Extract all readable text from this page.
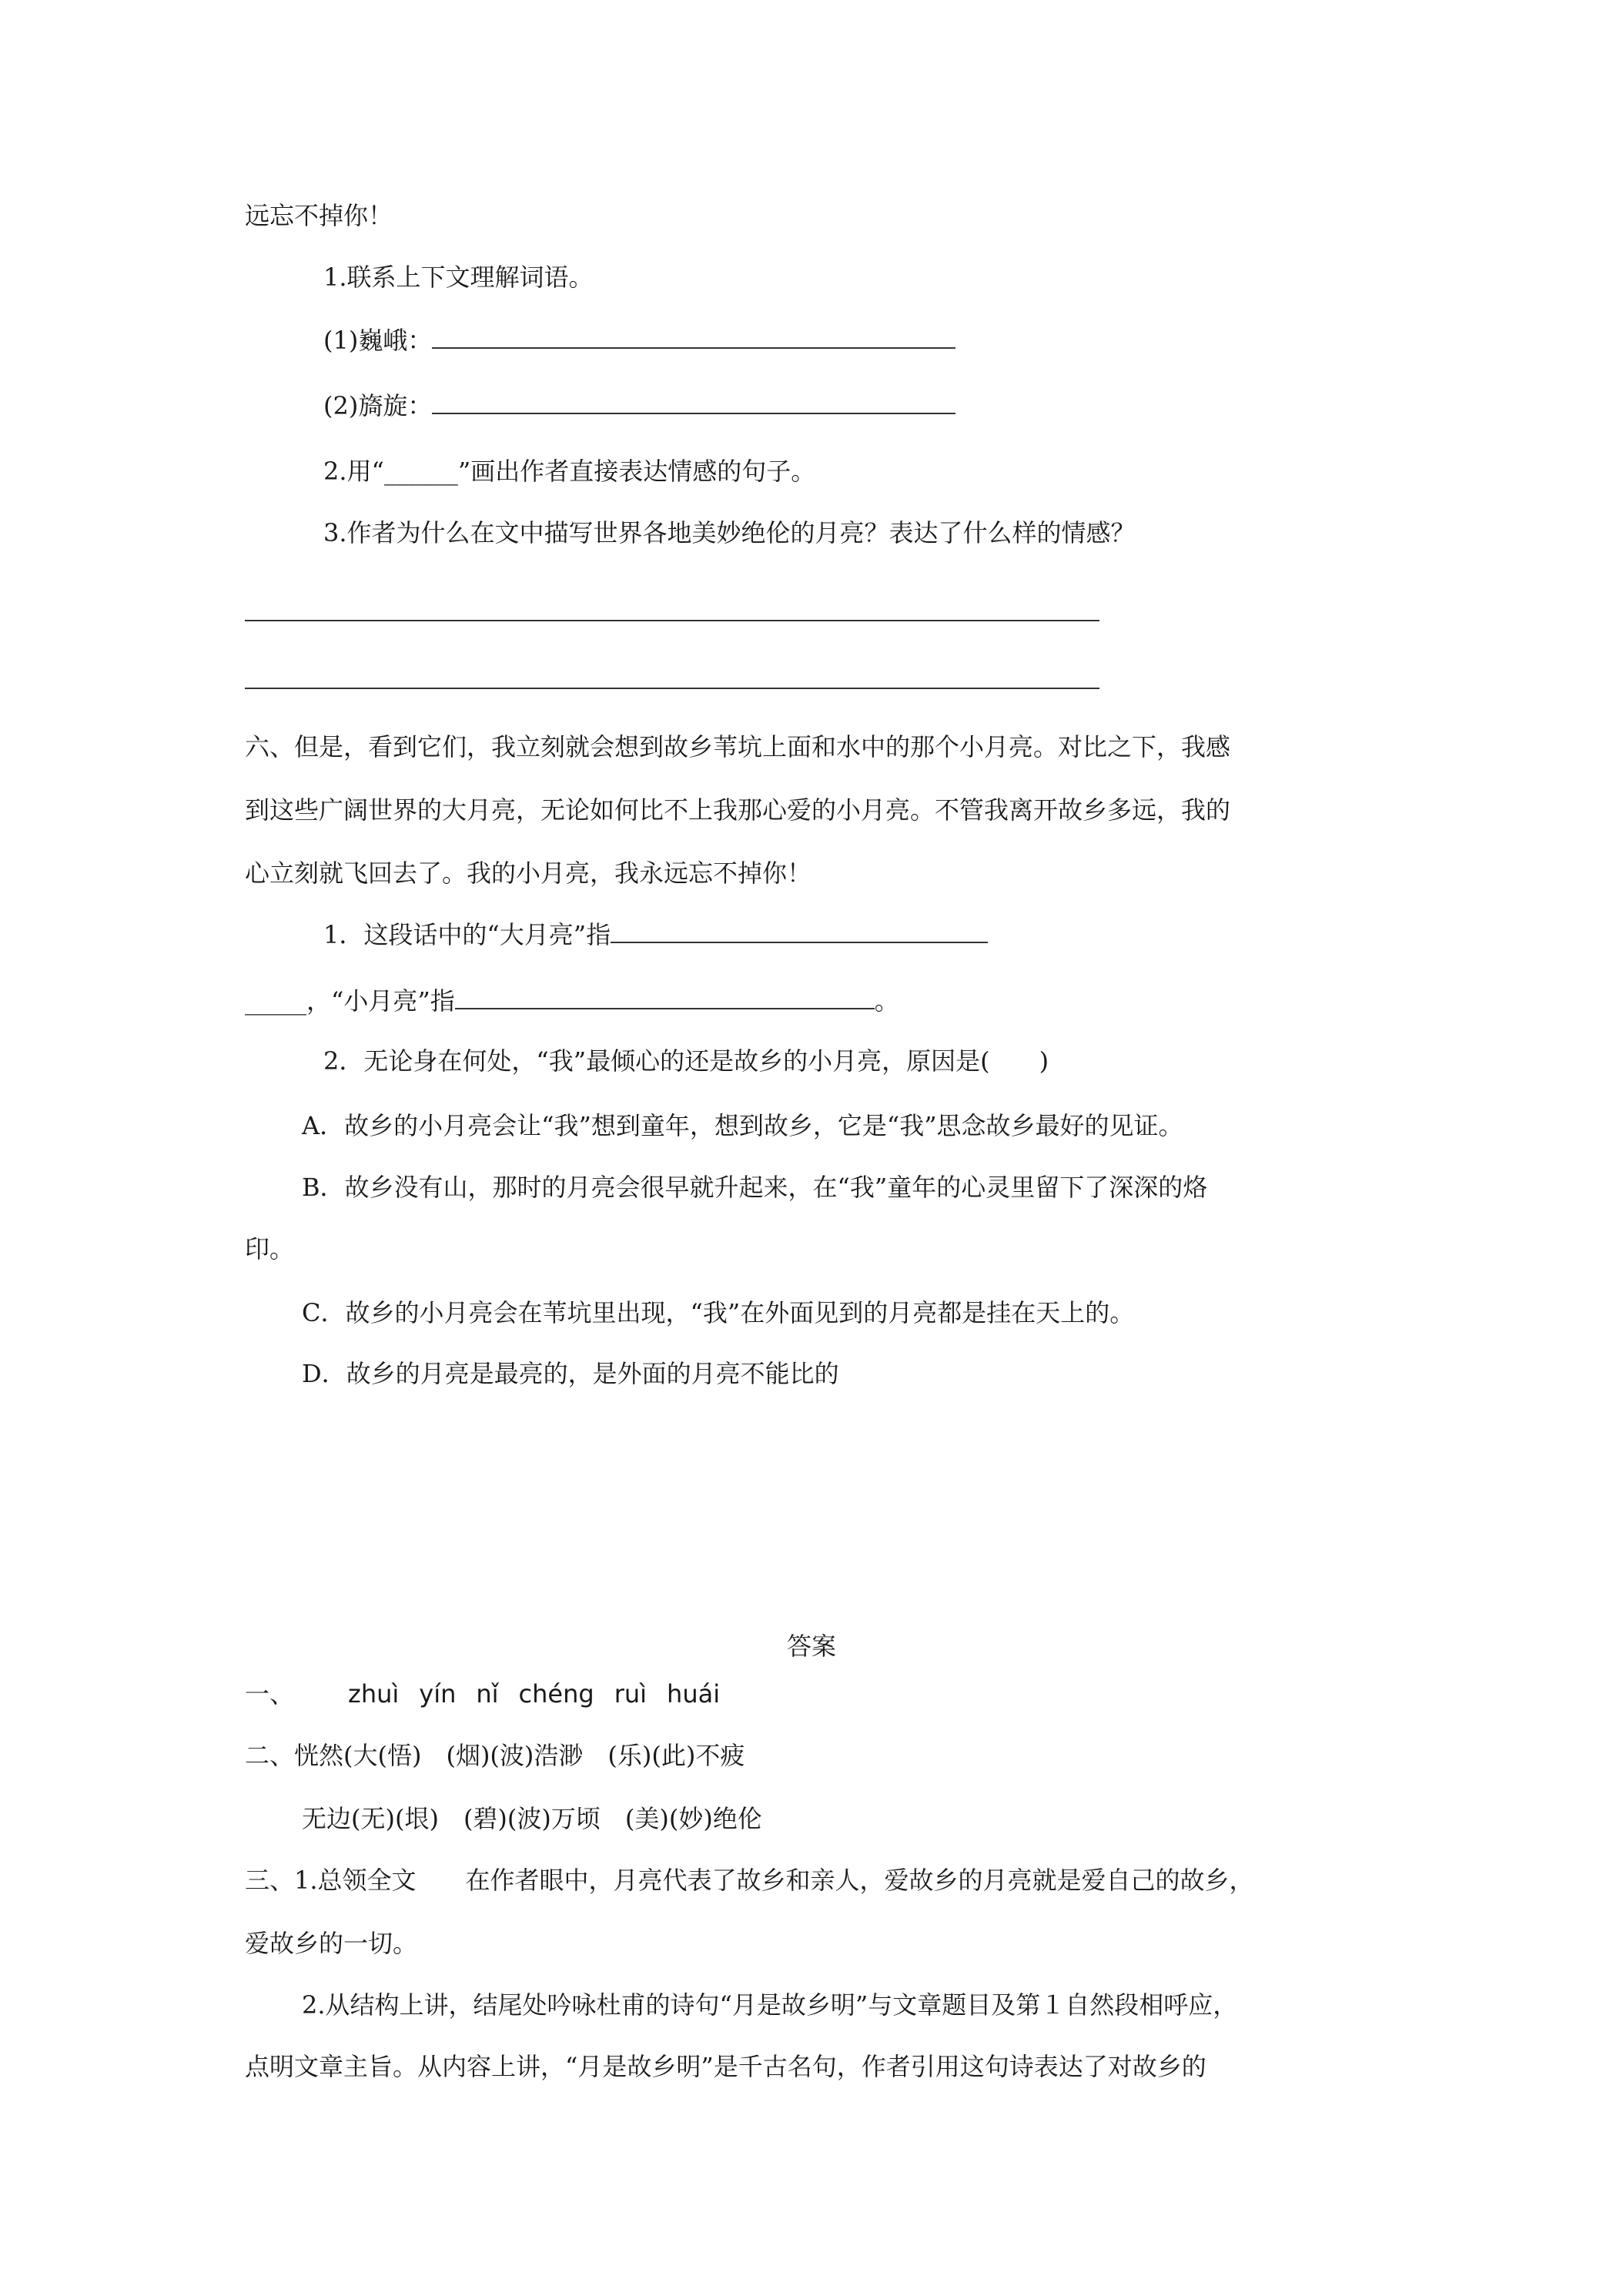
远忘不掉你！
1.联系上下文理解词语。
(1)巍峨：
(2)旖旋：
2.用“______”画出作者直接表达情感的句子。
3.作者为什么在文中描写世界各地美妙绝伦的月亮？表达了什么样的情感？
六、但是，看到它们，我立刻就会想到故乡苇坑上面和水中的那个小月亮。对比之下，我感
到这些广阔世界的大月亮，无论如何比不上我那心爱的小月亮。不管我离开故乡多远，我的
心立刻就飞回去了。我的小月亮，我永远忘不掉你！
1．这段话中的“大月亮”指
_____，“小月亮”指	。
2．无论身在何处，“我”最倾心的还是故乡的小月亮，原因是(　　)
A．故乡的小月亮会让“我”想到童年，想到故乡，它是“我”思念故乡最好的见证。
B．故乡没有山，那时的月亮会很早就升起来，在“我”童年的心灵里留下了深深的烙
印。
C．故乡的小月亮会在苇坑里出现，“我”在外面见到的月亮都是挂在天上的。
D．故乡的月亮是最亮的，是外面的月亮不能比的
答案
一、 zhuì yín nǐ chéng ruì huái
二、恍然(大(悟)　(烟)(波)浩渺　(乐)(此)不疲
无边(无)(垠)　(碧)(波)万顷　(美)(妙)绝伦
三、1.总领全文　　在作者眼中，月亮代表了故乡和亲人，爱故乡的月亮就是爱自己的故乡，
爱故乡的一切。
2.从结构上讲，结尾处吟咏杜甫的诗句“月是故乡明”与文章题目及第１自然段相呼应，
点明文章主旨。从内容上讲，“月是故乡明”是千古名句，作者引用这句诗表达了对故乡的
